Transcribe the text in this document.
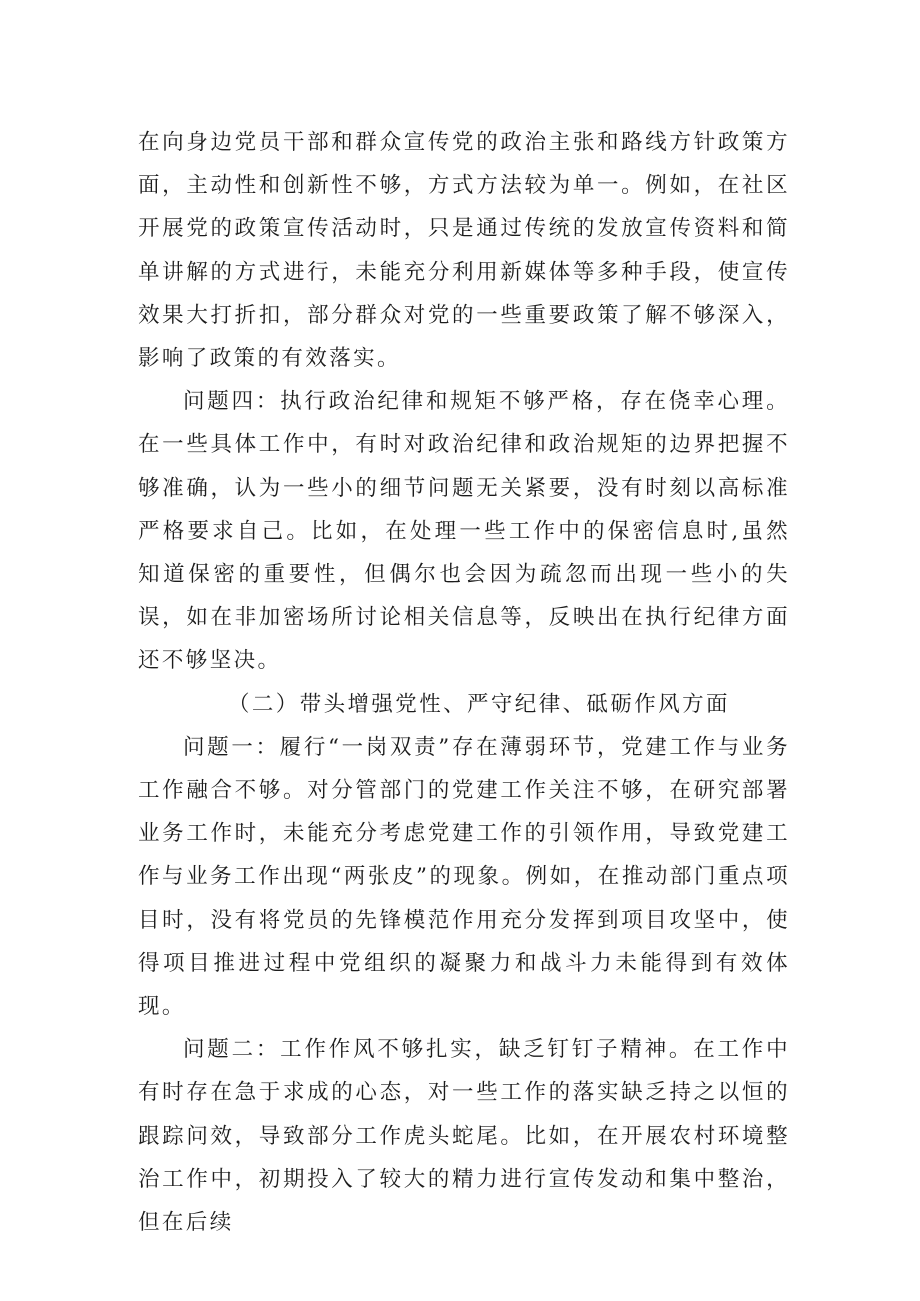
在向身边党员干部和群众宣传党的政治主张和路线方针政策方面，主动性和创新性不够，方式方法较为单一。例如，在社区开展党的政策宣传活动时，只是通过传统的发放宣传资料和简单讲解的方式进行，未能充分利用新媒体等多种手段，使宣传效果大打折扣，部分群众对党的一些重要政策了解不够深入，影响了政策的有效落实。

问题四：执行政治纪律和规矩不够严格，存在侥幸心理。在一些具体工作中，有时对政治纪律和政治规矩的边界把握不够准确，认为一些小的细节问题无关紧要，没有时刻以高标准严格要求自己。比如，在处理一些工作中的保密信息时,虽然知道保密的重要性，但偶尔也会因为疏忽而出现一些小的失误，如在非加密场所讨论相关信息等，反映出在执行纪律方面还不够坚决。

（二）带头增强党性、严守纪律、砥砺作风方面

问题一：履行“一岗双责”存在薄弱环节，党建工作与业务工作融合不够。对分管部门的党建工作关注不够，在研究部署业务工作时，未能充分考虑党建工作的引领作用，导致党建工作与业务工作出现“两张皮”的现象。例如，在推动部门重点项目时，没有将党员的先锋模范作用充分发挥到项目攻坚中，使得项目推进过程中党组织的凝聚力和战斗力未能得到有效体现。

问题二：工作作风不够扎实，缺乏钉钉子精神。在工作中有时存在急于求成的心态，对一些工作的落实缺乏持之以恒的跟踪问效，导致部分工作虎头蛇尾。比如，在开展农村环境整治工作中，初期投入了较大的精力进行宣传发动和集中整治，但在后续
